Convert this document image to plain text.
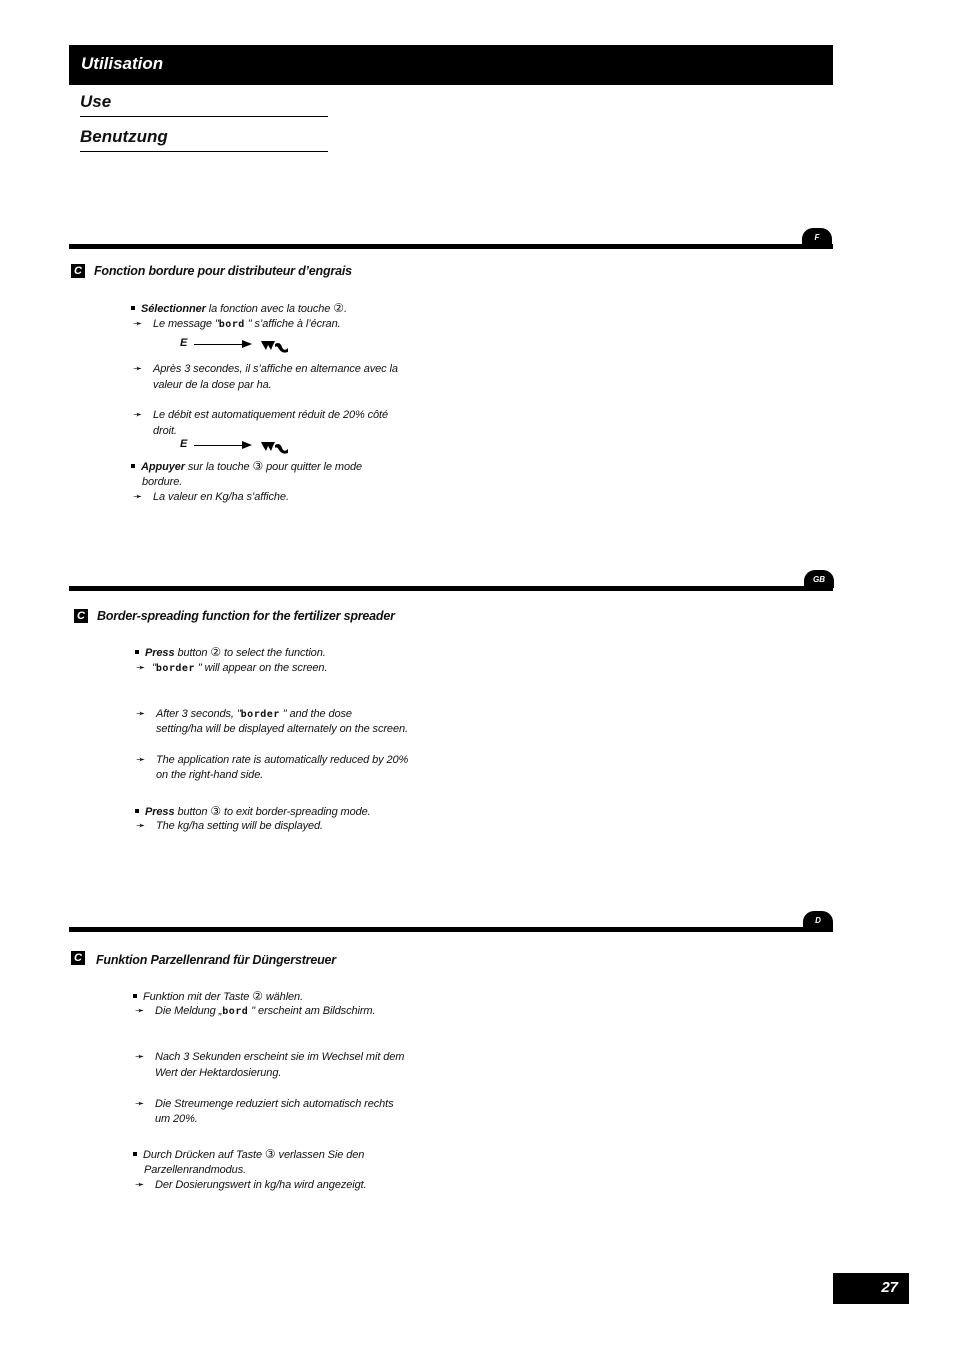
Utilisation
Use
Benutzung
F
C Fonction bordure pour distributeur d’engrais
Sélectionner la fonction avec la touche ②.
➛ Le message "bord " s’affiche à l’écran.
E
➛ Après 3 secondes, il s’affiche en alternance avec la
valeur de la dose par ha.
➛ Le débit est automatiquement réduit de 20% côté
droit.
E
Appuyer sur la touche ③ pour quitter le mode
bordure.
➛ La valeur en Kg/ha s’affiche.
GB
C Border-spreading function for the fertilizer spreader
Press button ② to select the function.
➛ "border " will appear on the screen.
➛ After 3 seconds, "border " and the dose
setting/ha will be displayed alternately on the screen.
➛ The application rate is automatically reduced by 20%
on the right-hand side.
Press button ③ to exit border-spreading mode.
➛ The kg/ha setting will be displayed.
D
C Funktion Parzellenrand für Düngerstreuer
Funktion mit der Taste ② wählen.
➛ Die Meldung „bord " erscheint am Bildschirm.
➛ Nach 3 Sekunden erscheint sie im Wechsel mit dem
Wert der Hektardosierung.
➛ Die Streumenge reduziert sich automatisch rechts
um 20%.
Durch Drücken auf Taste ③ verlassen Sie den
Parzellenrandmodus.
➛ Der Dosierungswert in kg/ha wird angezeigt.
27
